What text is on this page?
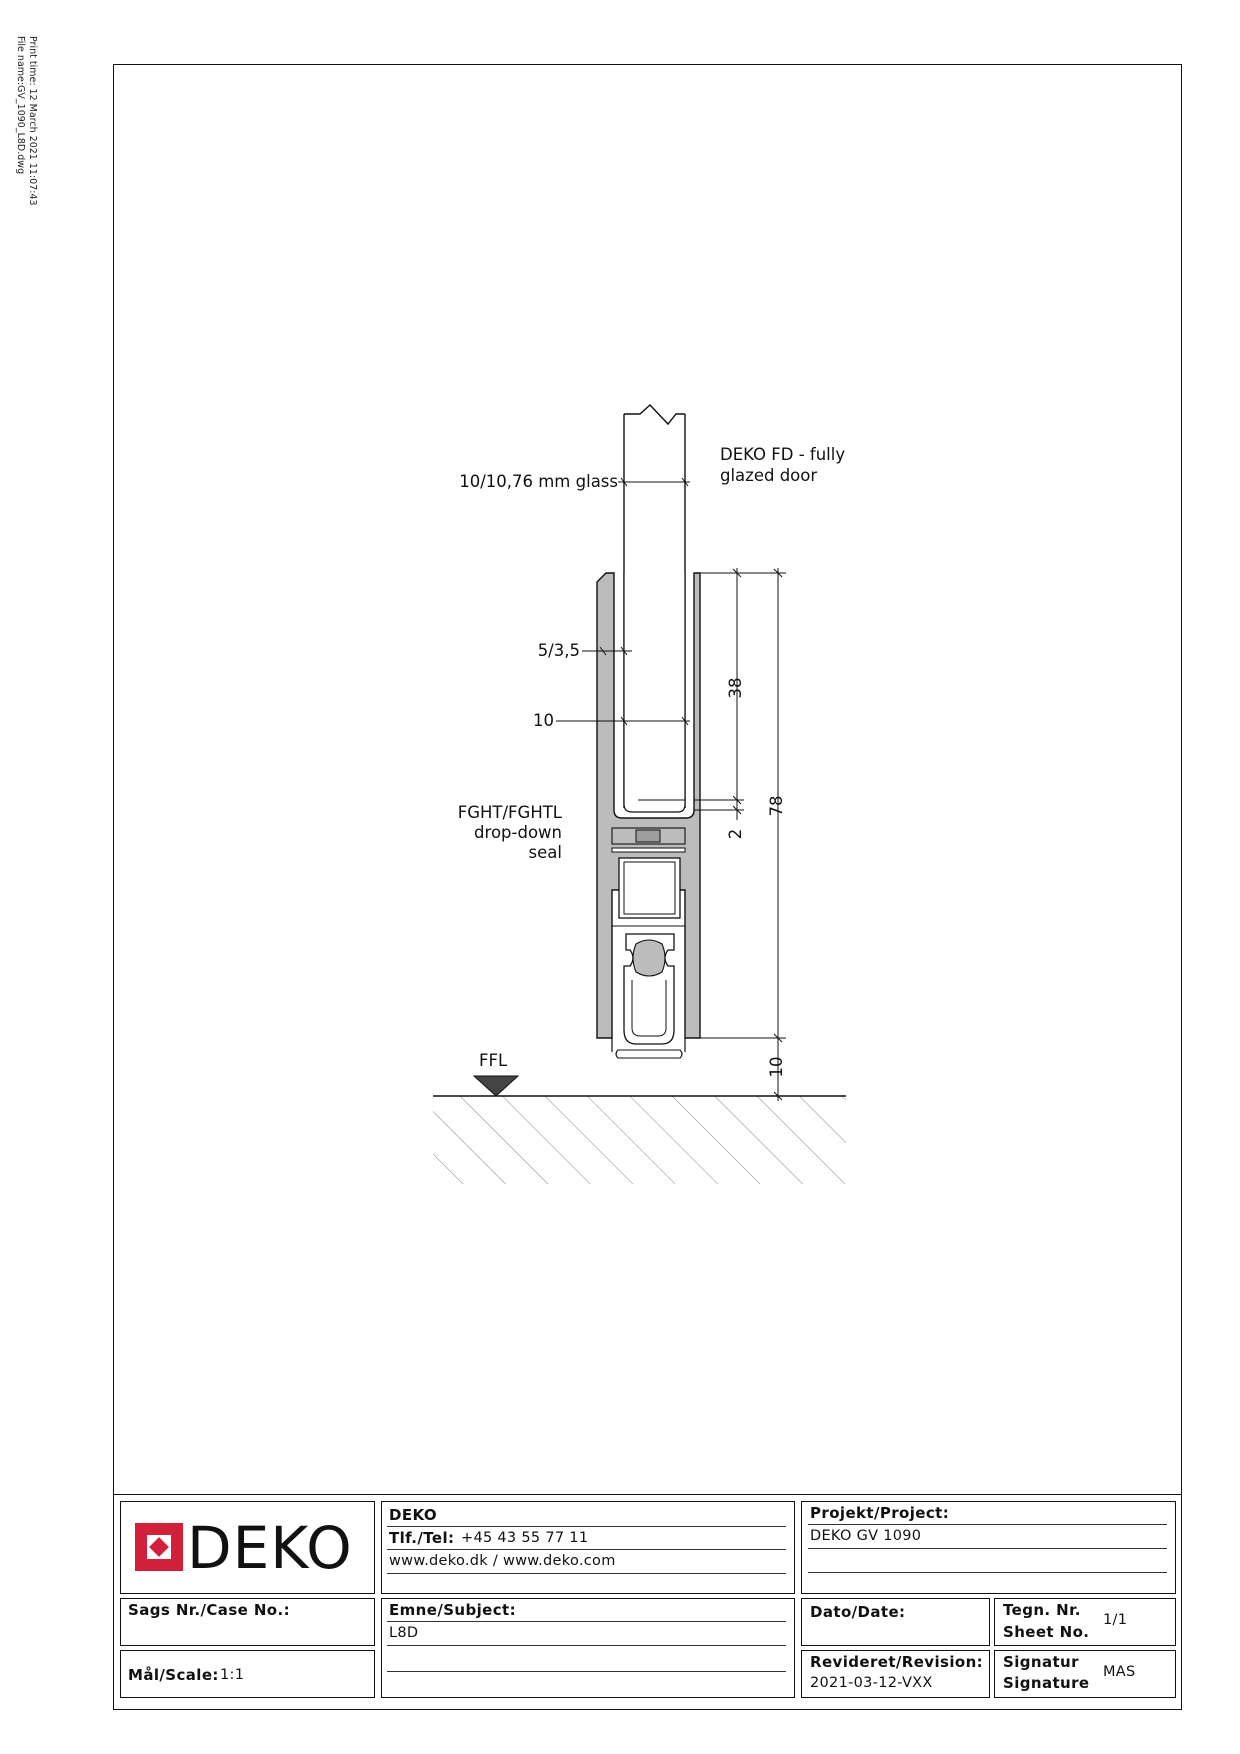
Print time: 12 March 2021 11:07:43
File name:GV_1090_L8D.dwg
10/10,76 mm glass
DEKO FD - fully
glazed door
5/3,5
10
FGHT/FGHTL
drop-down
seal
FFL
38
2
78
10
DEKO DEKO
Tlf./Tel: +45 43 55 77 11
www.deko.dk / www.deko.com
Projekt/Project:
DEKO GV 1090
Sags Nr./Case No.:
Mål/Scale: 1:1
Emne/Subject:
L8D
Dato/Date:	Tegn. Nr.
Sheet No.
1/1
Revideret/Revision:
2021-03-12-VXX
Signatur
Signature
MAS
